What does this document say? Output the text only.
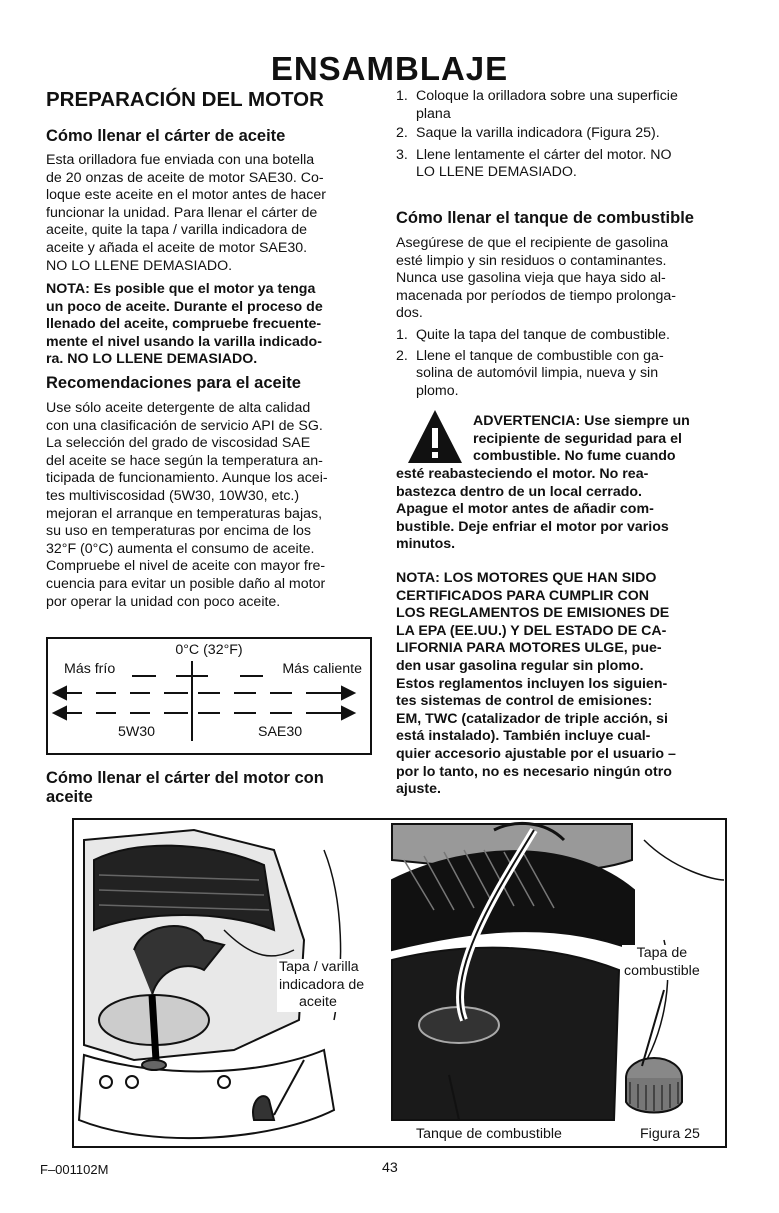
ENSAMBLAJE
PREPARACIÓN DEL MOTOR
Cómo llenar el cárter de aceite
Esta orilladora fue enviada con una botella
de 20 onzas de aceite de motor SAE30. Co-
loque este aceite en el motor antes de hacer
funcionar la unidad. Para llenar el cárter de
aceite, quite la tapa / varilla indicadora de
aceite y añada el aceite de motor SAE30.
NO LO LLENE DEMASIADO.
NOTA: Es posible que el motor ya tenga
un poco de aceite. Durante el proceso de
llenado del aceite, compruebe frecuente-
mente el nivel usando la varilla indicado-
ra. NO LO LLENE DEMASIADO.
Recomendaciones para el aceite
Use sólo aceite detergente de alta calidad
con una clasificación de servicio API de SG.
La selección del grado de viscosidad SAE
del aceite se hace según la temperatura an-
ticipada de funcionamiento. Aunque los acei-
tes multiviscosidad (5W30, 10W30, etc.)
mejoran el arranque en temperaturas bajas,
su uso en temperaturas por encima de los
32°F (0°C) aumenta el consumo de aceite.
Compruebe el nivel de aceite con mayor fre-
cuencia para evitar un posible daño al motor
por operar la unidad con poco aceite.
0°C (32°F)
Más frío	Más caliente
5W30	SAE30
Cómo llenar el cárter del motor con
aceite
1. Coloque la orilladora sobre una superficie
plana
2. Saque la varilla indicadora (Figura 25).
3. Llene lentamente el cárter del motor. NO
LO LLENE DEMASIADO.
Cómo llenar el tanque de combustible
Asegúrese de que el recipiente de gasolina
esté limpio y sin residuos o contaminantes.
Nunca use gasolina vieja que haya sido al-
macenada por períodos de tiempo prolonga-
dos.
1. Quite la tapa del tanque de combustible.
2. Llene el tanque de combustible con ga-
solina de automóvil limpia, nueva y sin
plomo.
ADVERTENCIA: Use siempre un
recipiente de seguridad para el
combustible. No fume cuando
esté reabasteciendo el motor. No rea-
bastezca dentro de un local cerrado.
Apague el motor antes de añadir com-
bustible. Deje enfriar el motor por varios
minutos.
NOTA: LOS MOTORES QUE HAN SIDO
CERTIFICADOS PARA CUMPLIR CON
LOS REGLAMENTOS DE EMISIONES DE
LA EPA (EE.UU.) Y DEL ESTADO DE CA-
LIFORNIA PARA MOTORES ULGE, pue-
den usar gasolina regular sin plomo.
Estos reglamentos incluyen los siguien-
tes sistemas de control de emisiones:
EM, TWC (catalizador de triple acción, si
está instalado). También incluye cual-
quier accesorio ajustable por el usuario –
por lo tanto, no es necesario ningún otro
ajuste.
Tapa / varilla
indicadora de
aceite
Tapa de
combustible
Tanque de combustible	Figura 25
F–001102M	43
